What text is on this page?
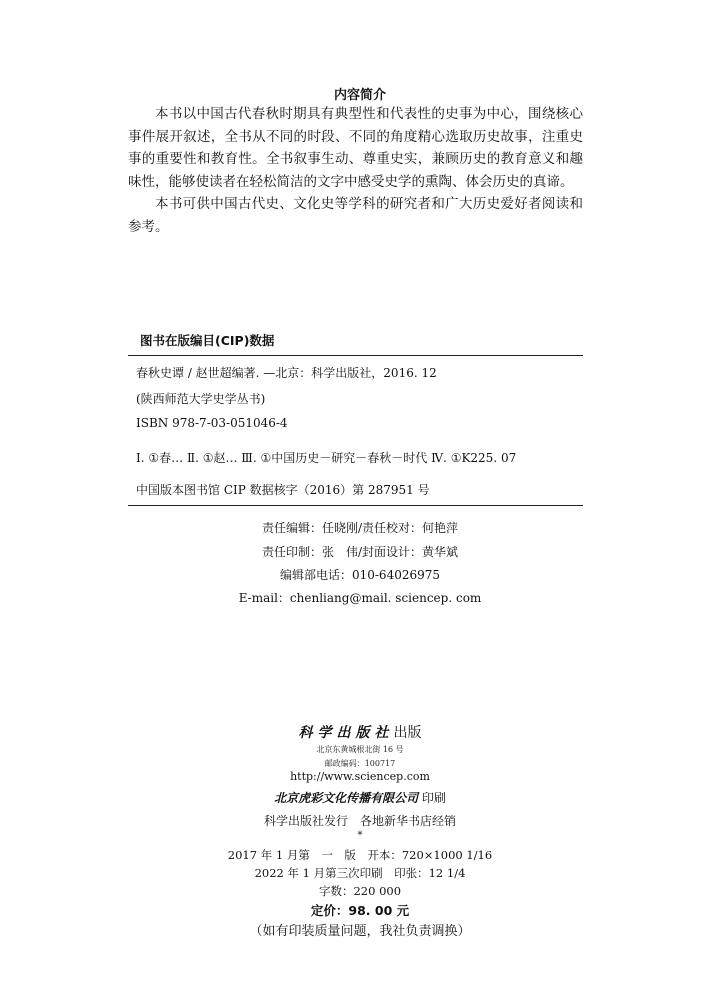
内容简介

本书以中国古代春秋时期具有典型性和代表性的史事为中心，围绕核心事件展开叙述，全书从不同的时段、不同的角度精心选取历史故事，注重史事的重要性和教育性。全书叙事生动、尊重史实，兼顾历史的教育意义和趣味性，能够使读者在轻松简洁的文字中感受史学的熏陶、体会历史的真谛。

本书可供中国古代史、文化史等学科的研究者和广大历史爱好者阅读和参考。

图书在版编目(CIP)数据
春秋史谭 / 赵世超编著. —北京：科学出版社，2016. 12
(陕西师范大学史学丛书)
ISBN 978-7-03-051046-4
Ⅰ. ①春… Ⅱ. ①赵… Ⅲ. ①中国历史－研究－春秋－时代 Ⅳ. ①K225. 07
中国版本图书馆 CIP 数据核字（2016）第 287951 号
责任编辑：任晓刚/责任校对：何艳萍
责任印制：张　伟/封面设计：黄华斌
编辑部电话：010-64026975
E-mail：chenliang@mail. sciencep. com
科学出版社出版
北京东黄城根北街 16 号
邮政编码：100717
http://www.sciencep.com
北京虎彩文化传播有限公司 印刷
科学出版社发行　各地新华书店经销
*
2017 年 1 月第　一　版　开本：720×1000 1/16
2022 年 1 月第三次印刷　印张：12 1/4
字数：220 000
定价：98. 00 元
（如有印装质量问题，我社负责调换）
